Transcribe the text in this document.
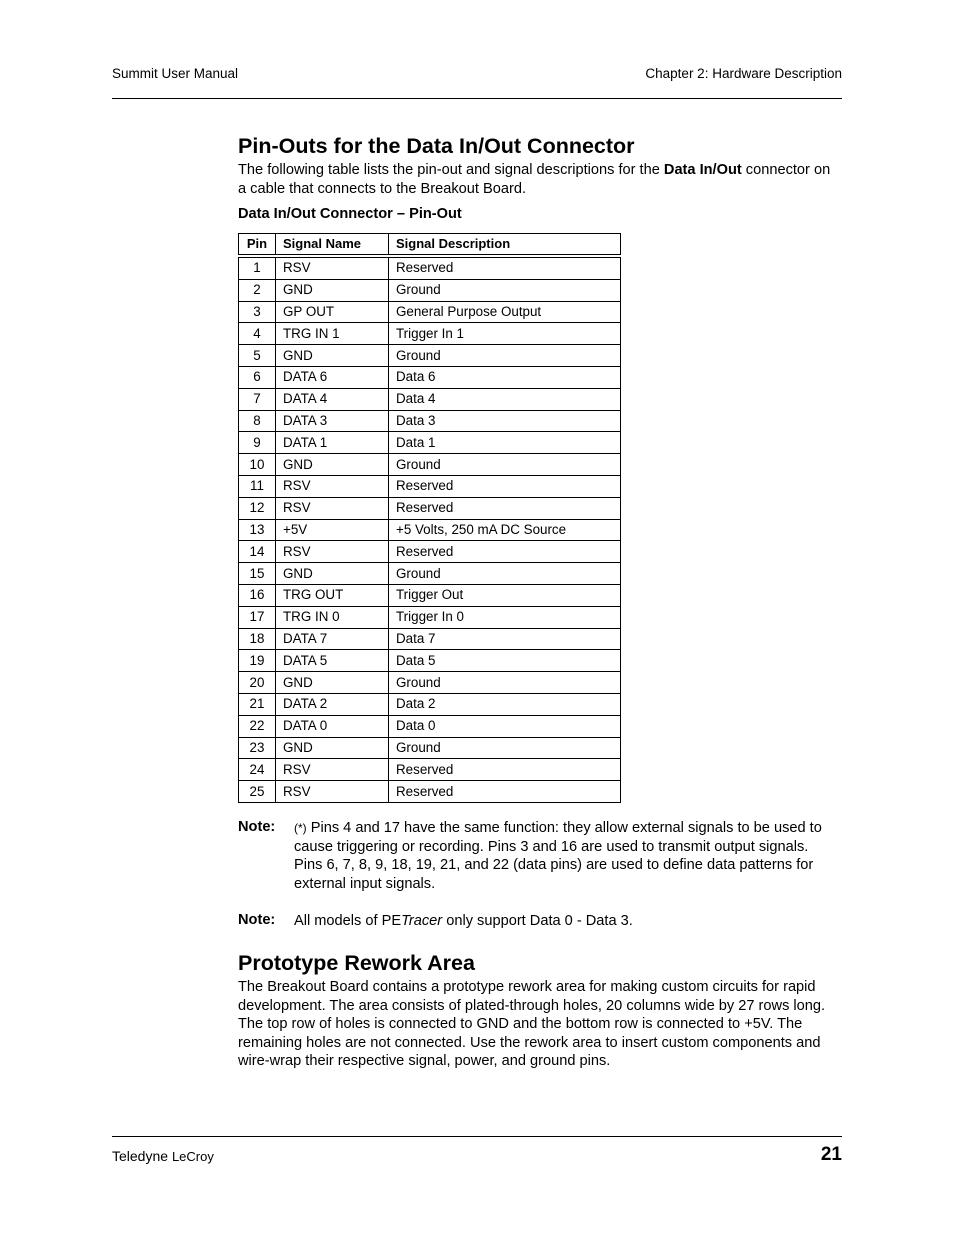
Summit User Manual	Chapter 2: Hardware Description
Pin-Outs for the Data In/Out Connector

The following table lists the pin-out and signal descriptions for the Data In/Out connector on a cable that connects to the Breakout Board.

Data In/Out Connector – Pin-Out
Pin	Signal Name	Signal Description
1	RSV	Reserved
2	GND	Ground
3	GP OUT	General Purpose Output
4	TRG IN 1	Trigger In 1
5	GND	Ground
6	DATA 6	Data 6
7	DATA 4	Data 4
8	DATA 3	Data 3
9	DATA 1	Data 1
10	GND	Ground
11	RSV	Reserved
12	RSV	Reserved
13	+5V	+5 Volts, 250 mA DC Source
14	RSV	Reserved
15	GND	Ground
16	TRG OUT	Trigger Out
17	TRG IN 0	Trigger In 0
18	DATA 7	Data 7
19	DATA 5	Data 5
20	GND	Ground
21	DATA 2	Data 2
22	DATA 0	Data 0
23	GND	Ground
24	RSV	Reserved
25	RSV	Reserved
Note: (*) Pins 4 and 17 have the same function: they allow external signals to be used to cause triggering or recording. Pins 3 and 16 are used to transmit output signals. Pins 6, 7, 8, 9, 18, 19, 21, and 22 (data pins) are used to define data patterns for external input signals.

Note: All models of PETracer only support Data 0 - Data 3.

Prototype Rework Area

The Breakout Board contains a prototype rework area for making custom circuits for rapid development. The area consists of plated-through holes, 20 columns wide by 27 rows long. The top row of holes is connected to GND and the bottom row is connected to +5V. The remaining holes are not connected. Use the rework area to insert custom components and wire-wrap their respective signal, power, and ground pins.

Teledyne LeCroy	21
